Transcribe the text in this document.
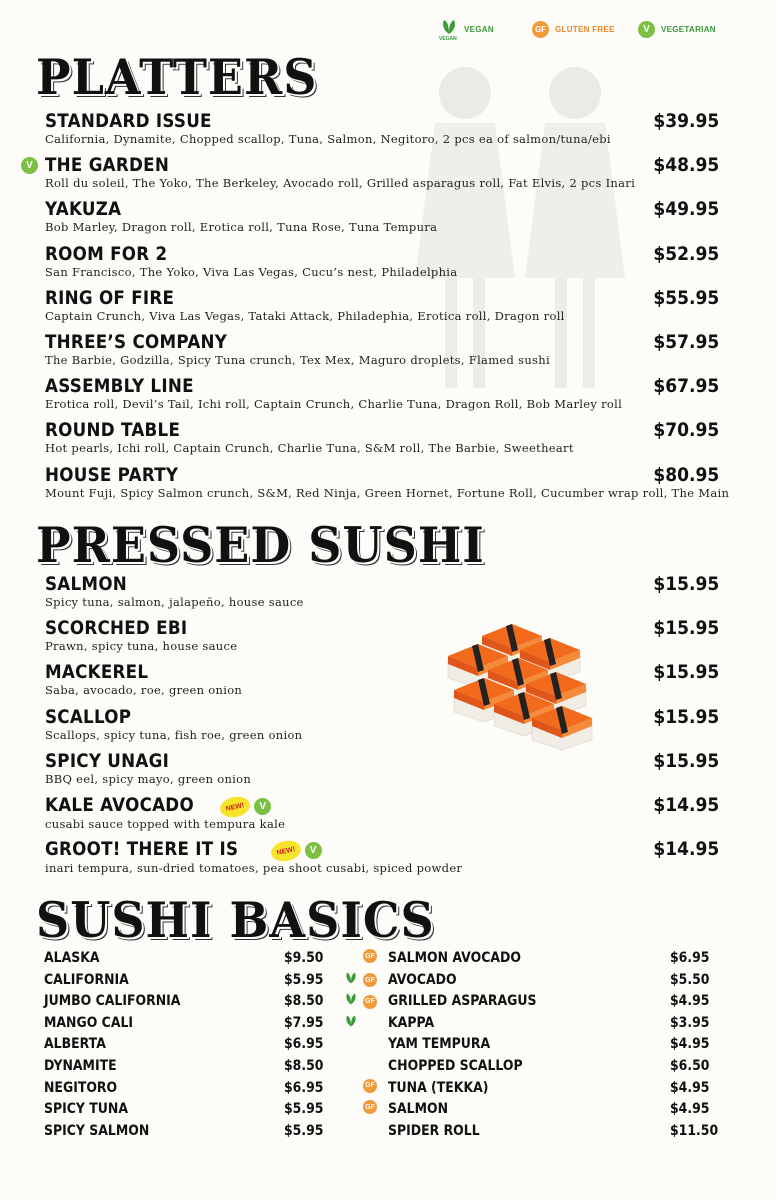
VEGAN
VEGAN	GF	GLUTEN FREE	V	VEGETARIAN
PLATTERS
STANDARD ISSUE
California, Dynamite, Chopped scallop, Tuna, Salmon, Negitoro, 2 pcs ea of salmon/tuna/ebi
$39.95
V THE GARDEN
Roll du soleil, The Yoko, The Berkeley, Avocado roll, Grilled asparagus roll, Fat Elvis, 2 pcs Inari
$48.95
YAKUZA
Bob Marley, Dragon roll, Erotica roll, Tuna Rose, Tuna Tempura
$49.95
ROOM FOR 2
San Francisco, The Yoko, Viva Las Vegas, Cucu’s nest, Philadelphia
$52.95
RING OF FIRE
Captain Crunch, Viva Las Vegas, Tataki Attack, Philadephia, Erotica roll, Dragon roll
$55.95
THREE’S COMPANY
The Barbie, Godzilla, Spicy Tuna crunch, Tex Mex, Maguro droplets, Flamed sushi
$57.95
ASSEMBLY LINE
Erotica roll, Devil’s Tail, Ichi roll, Captain Crunch, Charlie Tuna, Dragon Roll, Bob Marley roll
$67.95
ROUND TABLE
Hot pearls, Ichi roll, Captain Crunch, Charlie Tuna, S&M roll, The Barbie, Sweetheart
$70.95
HOUSE PARTY
Mount Fuji, Spicy Salmon crunch, S&M, Red Ninja, Green Hornet, Fortune Roll, Cucumber wrap roll, The Main
$80.95
PRESSED SUSHI
SALMON
Spicy tuna, salmon, jalapeño, house sauce
$15.95
SCORCHED EBI
Prawn, spicy tuna, house sauce
$15.95
MACKEREL
Saba, avocado, roe, green onion
$15.95
SCALLOP
Scallops, spicy tuna, fish roe, green onion
$15.95
SPICY UNAGI
BBQ eel, spicy mayo, green onion
$15.95
KALE AVOCADO	NEW! V
cusabi sauce topped with tempura kale
$14.95
GROOT! THERE IT IS	NEW! V
inari tempura, sun-dried tomatoes, pea shoot cusabi, spiced powder
$14.95
SUSHI BASICS
ALASKA	$9.50
CALIFORNIA	$5.95
JUMBO CALIFORNIA	$8.50
MANGO CALI	$7.95
ALBERTA	$6.95
DYNAMITE	$8.50
NEGITORO	$6.95
SPICY TUNA	$5.95
SPICY SALMON	$5.95
GF SALMON AVOCADO	$6.95
GF AVOCADO	$5.50
GF GRILLED ASPARAGUS	$4.95
KAPPA	$3.95
YAM TEMPURA	$4.95
CHOPPED SCALLOP	$6.50
GF TUNA (TEKKA)	$4.95
GF SALMON	$4.95
SPIDER ROLL	$11.50
